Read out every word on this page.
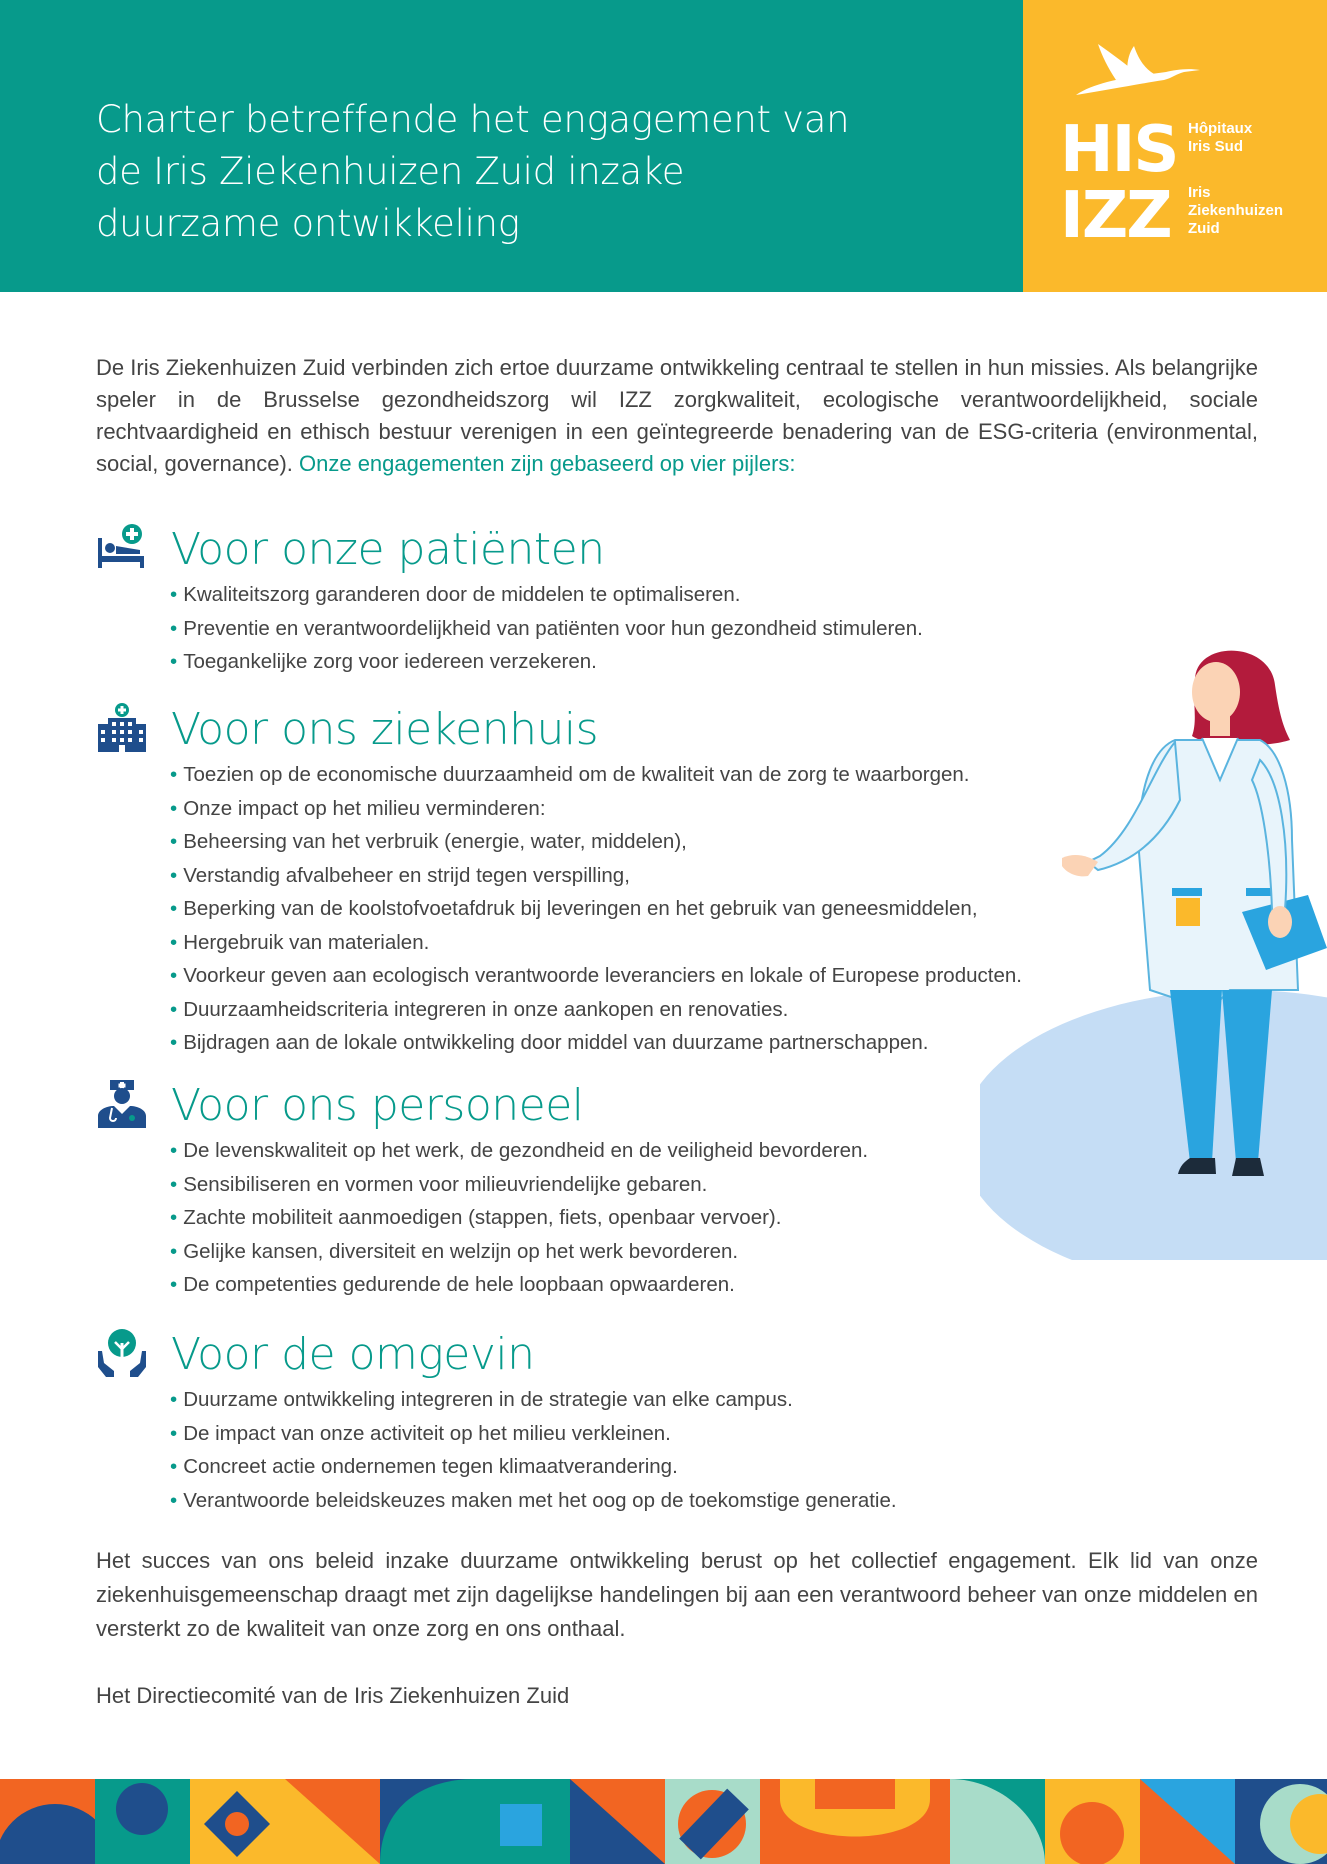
Charter betreffende het engagement van de Iris Ziekenhuizen Zuid inzake duurzame ontwikkeling
HIS Hôpitaux Iris Sud
IZZ Iris Ziekenhuizen Zuid

De Iris Ziekenhuizen Zuid verbinden zich ertoe duurzame ontwikkeling centraal te stellen in hun missies. Als belangrijke speler in de Brusselse gezondheidszorg wil IZZ zorgkwaliteit, ecologische verantwoordelijkheid, sociale rechtvaardigheid en ethisch bestuur verenigen in een geïntegreerde benadering van de ESG-criteria (environmental, social, governance). Onze engagementen zijn gebaseerd op vier pijlers:

Voor onze patiënten
• Kwaliteitszorg garanderen door de middelen te optimaliseren.
• Preventie en verantwoordelijkheid van patiënten voor hun gezondheid stimuleren.
• Toegankelijke zorg voor iedereen verzekeren.
Voor ons ziekenhuis
• Toezien op de economische duurzaamheid om de kwaliteit van de zorg te waarborgen.
• Onze impact op het milieu verminderen:
• Beheersing van het verbruik (energie, water, middelen),
• Verstandig afvalbeheer en strijd tegen verspilling,
• Beperking van de koolstofvoetafdruk bij leveringen en het gebruik van geneesmiddelen,
• Hergebruik van materialen.
• Voorkeur geven aan ecologisch verantwoorde leveranciers en lokale of Europese producten.
• Duurzaamheidscriteria integreren in onze aankopen en renovaties.
• Bijdragen aan de lokale ontwikkeling door middel van duurzame partnerschappen.
Voor ons personeel
• De levenskwaliteit op het werk, de gezondheid en de veiligheid bevorderen.
• Sensibiliseren en vormen voor milieuvriendelijke gebaren.
• Zachte mobiliteit aanmoedigen (stappen, fiets, openbaar vervoer).
• Gelijke kansen, diversiteit en welzijn op het werk bevorderen.
• De competenties gedurende de hele loopbaan opwaarderen.
Voor de omgevin
• Duurzame ontwikkeling integreren in de strategie van elke campus.
• De impact van onze activiteit op het milieu verkleinen.
• Concreet actie ondernemen tegen klimaatverandering.
• Verantwoorde beleidskeuzes maken met het oog op de toekomstige generatie.

Het succes van ons beleid inzake duurzame ontwikkeling berust op het collectief engagement. Elk lid van onze ziekenhuisgemeenschap draagt met zijn dagelijkse handelingen bij aan een verantwoord beheer van onze middelen en versterkt zo de kwaliteit van onze zorg en ons onthaal.

Het Directiecomité van de Iris Ziekenhuizen Zuid
